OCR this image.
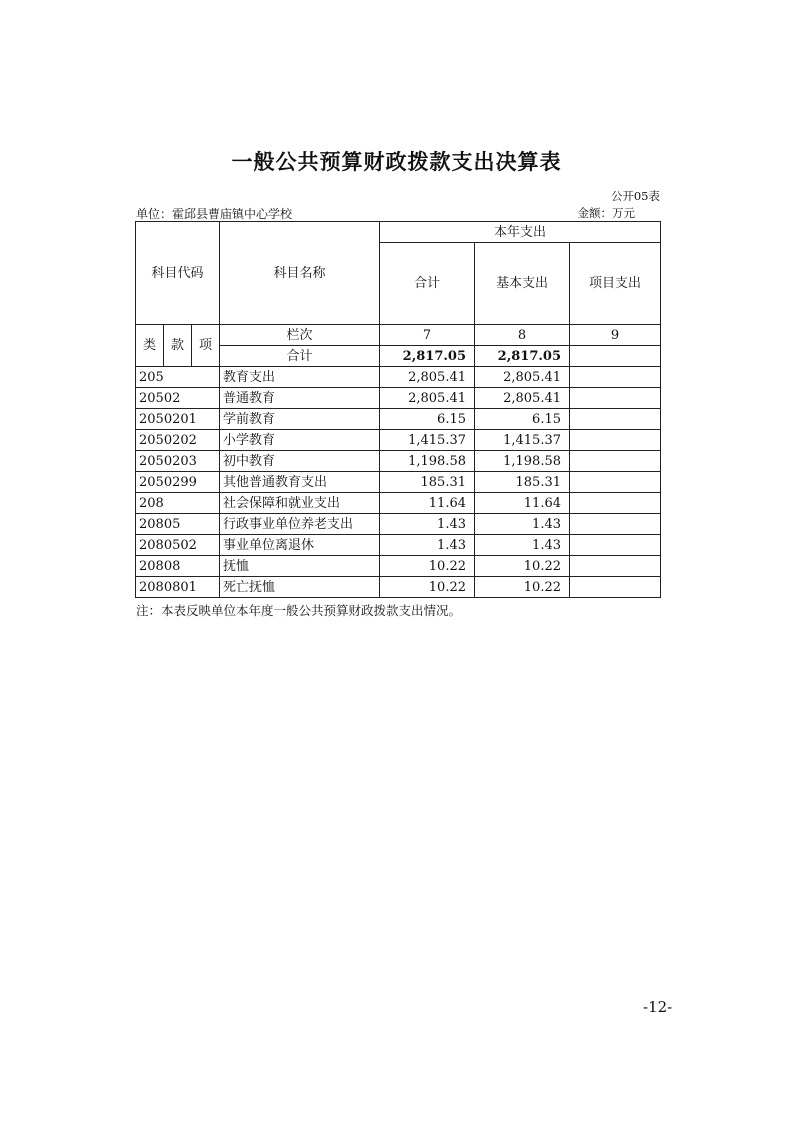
一般公共预算财政拨款支出决算表
公开05表
单位：霍邱县曹庙镇中心学校	金额：万元
科目代码			科目名称	本年支出		
				合计	基本支出	项目支出
类	款	项	栏次	7	8	9
			合计	2,817.05	2,817.05	
205			教育支出	2,805.41	2,805.41	
20502			普通教育	2,805.41	2,805.41	
2050201			学前教育	6.15	6.15	
2050202			小学教育	1,415.37	1,415.37	
2050203			初中教育	1,198.58	1,198.58	
2050299			其他普通教育支出	185.31	185.31	
208			社会保障和就业支出	11.64	11.64	
20805			行政事业单位养老支出	1.43	1.43	
2080502			事业单位离退休	1.43	1.43	
20808			抚恤	10.22	10.22	
2080801			死亡抚恤	10.22	10.22	
注：本表反映单位本年度一般公共预算财政拨款支出情况。
-12-
